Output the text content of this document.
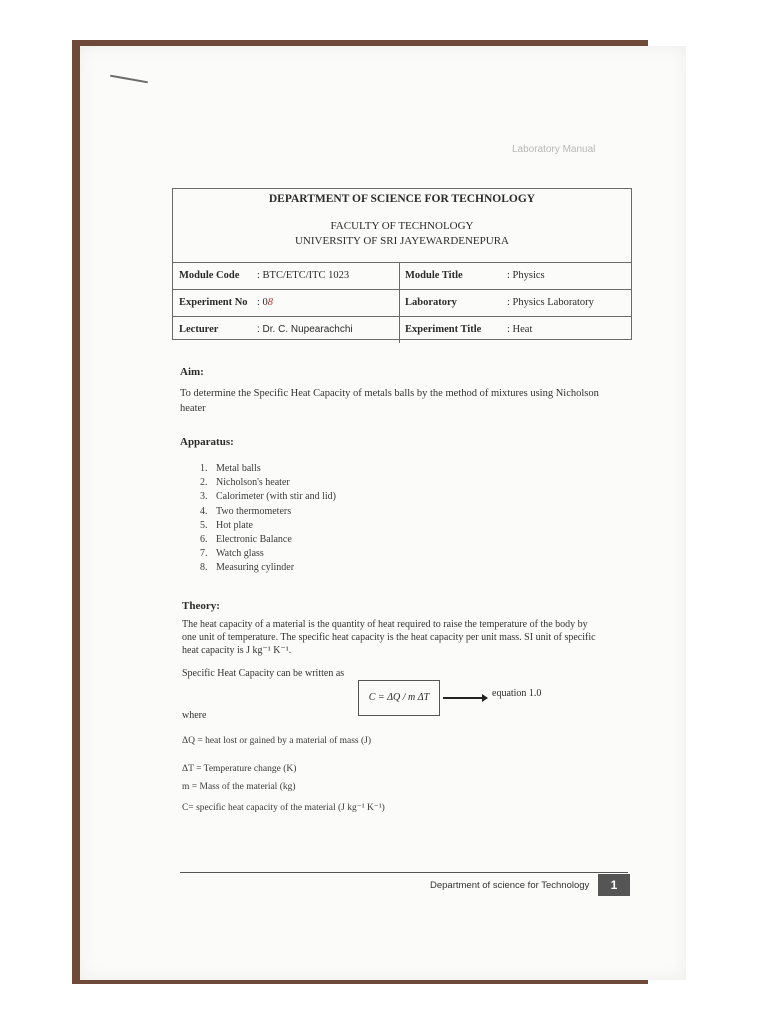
Laboratory Manual
DEPARTMENT OF SCIENCE FOR TECHNOLOGY
FACULTY OF TECHNOLOGY
UNIVERSITY OF SRI JAYEWARDENEPURA
Module Code : BTC/ETC/ITC 1023	Module Title	: Physics
Experiment No : 08	Laboratory	: Physics Laboratory
Lecturer	: Dr. C. Nupearachchi	Experiment Title : Heat
Aim:
To determine the Specific Heat Capacity of metals balls by the method of mixtures using Nicholson heater
Apparatus:
1. Metal balls
2. Nicholson's heater
3. Calorimeter (with stir and lid)
4. Two thermometers
5. Hot plate
6. Electronic Balance
7. Watch glass
8. Measuring cylinder
Theory:
The heat capacity of a material is the quantity of heat required to raise the temperature of the body by one unit of temperature. The specific heat capacity is the heat capacity per unit mass. SI unit of specific heat capacity is J kg⁻¹ K⁻¹.
Specific Heat Capacity can be written as
C = ΔQ / m ΔT	equation 1.0
where
ΔQ = heat lost or gained by a material of mass (J)
ΔT = Temperature change (K)
m = Mass of the material (kg)
C= specific heat capacity of the material (J kg⁻¹ K⁻¹)
Department of science for Technology	1
